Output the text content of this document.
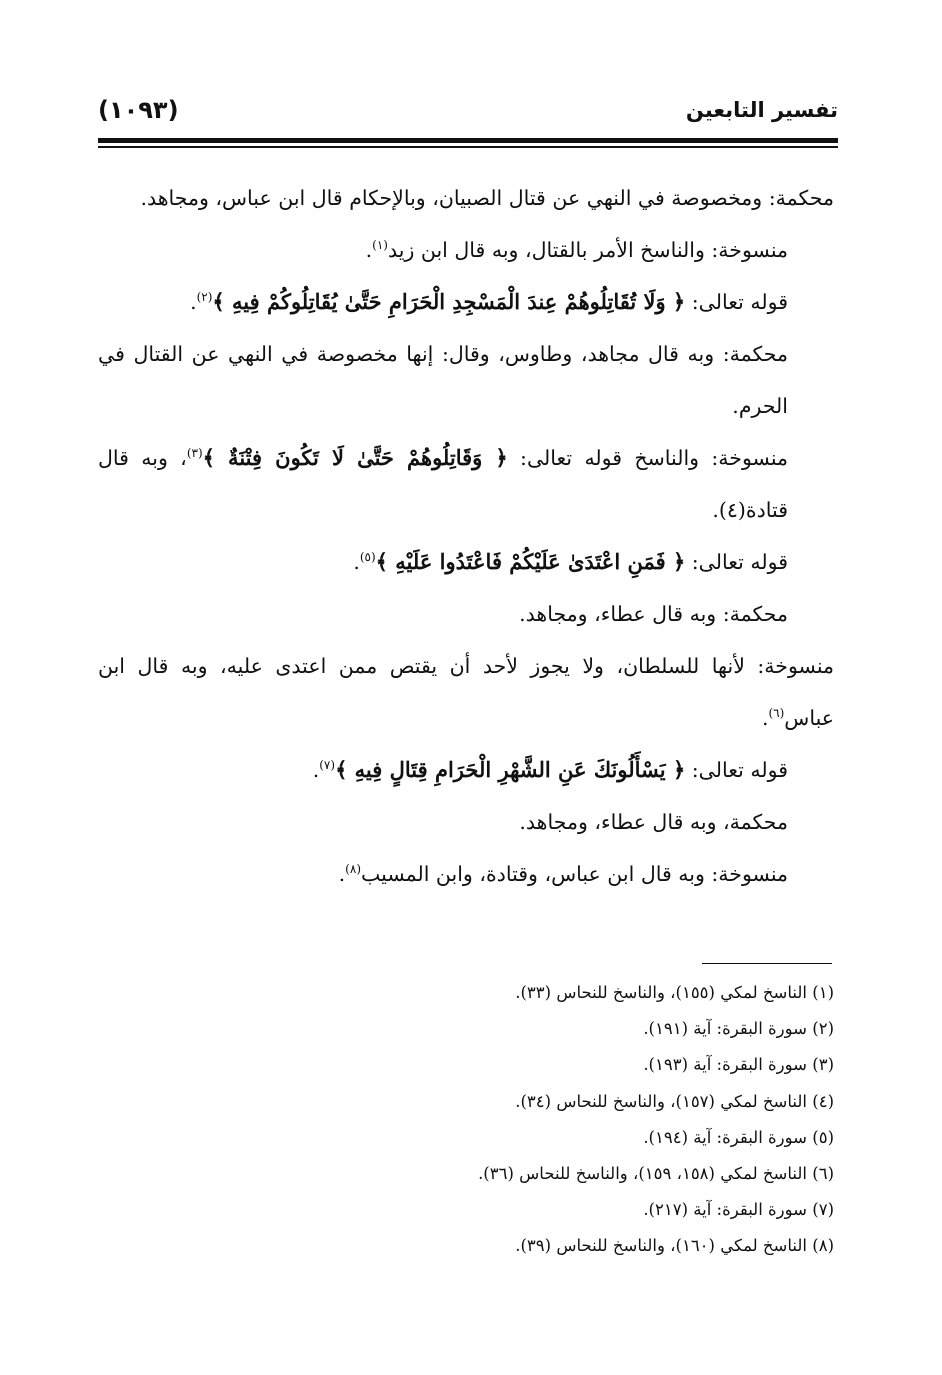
تفسير التابعين
(١٠٩٣)

محكمة: ومخصوصة في النهي عن قتال الصبيان، وبالإحكام قال ابن عباس، ومجاهد.

منسوخة: والناسخ الأمر بالقتال، وبه قال ابن زيد$^{(١)}$.

قوله تعالى: ﴿ وَلَا تُقَاتِلُوهُمْ عِندَ الْمَسْجِدِ الْحَرَامِ حَتَّىٰ يُقَاتِلُوكُمْ فِيهِ ﴾$^{(٢)}$.

محكمة: وبه قال مجاهد، وطاوس، وقال: إنها مخصوصة في النهي عن القتال في الحرم.

منسوخة: والناسخ قوله تعالى: ﴿ وَقَاتِلُوهُمْ حَتَّىٰ لَا تَكُونَ فِتْنَةٌ ﴾$^{(٣)}$، وبه قال قتادة(٤).

قوله تعالى: ﴿ فَمَنِ اعْتَدَىٰ عَلَيْكُمْ فَاعْتَدُوا عَلَيْهِ ﴾$^{(٥)}$.

محكمة: وبه قال عطاء، ومجاهد.

منسوخة: لأنها للسلطان، ولا يجوز لأحد أن يقتص ممن اعتدى عليه، وبه قال ابن عباس$^{(٦)}$.

قوله تعالى: ﴿ يَسْأَلُونَكَ عَنِ الشَّهْرِ الْحَرَامِ قِتَالٍ فِيهِ ﴾$^{(٧)}$.

محكمة، وبه قال عطاء، ومجاهد.

منسوخة: وبه قال ابن عباس، وقتادة، وابن المسيب$^{(٨)}$.

(١) الناسخ لمكي (١٥٥)، والناسخ للنحاس (٣٣).

(٢) سورة البقرة: آية (١٩١).

(٣) سورة البقرة: آية (١٩٣).

(٤) الناسخ لمكي (١٥٧)، والناسخ للنحاس (٣٤).

(٥) سورة البقرة: آية (١٩٤).

(٦) الناسخ لمكي (١٥٨، ١٥٩)، والناسخ للنحاس (٣٦).

(٧) سورة البقرة: آية (٢١٧).

(٨) الناسخ لمكي (١٦٠)، والناسخ للنحاس (٣٩).
